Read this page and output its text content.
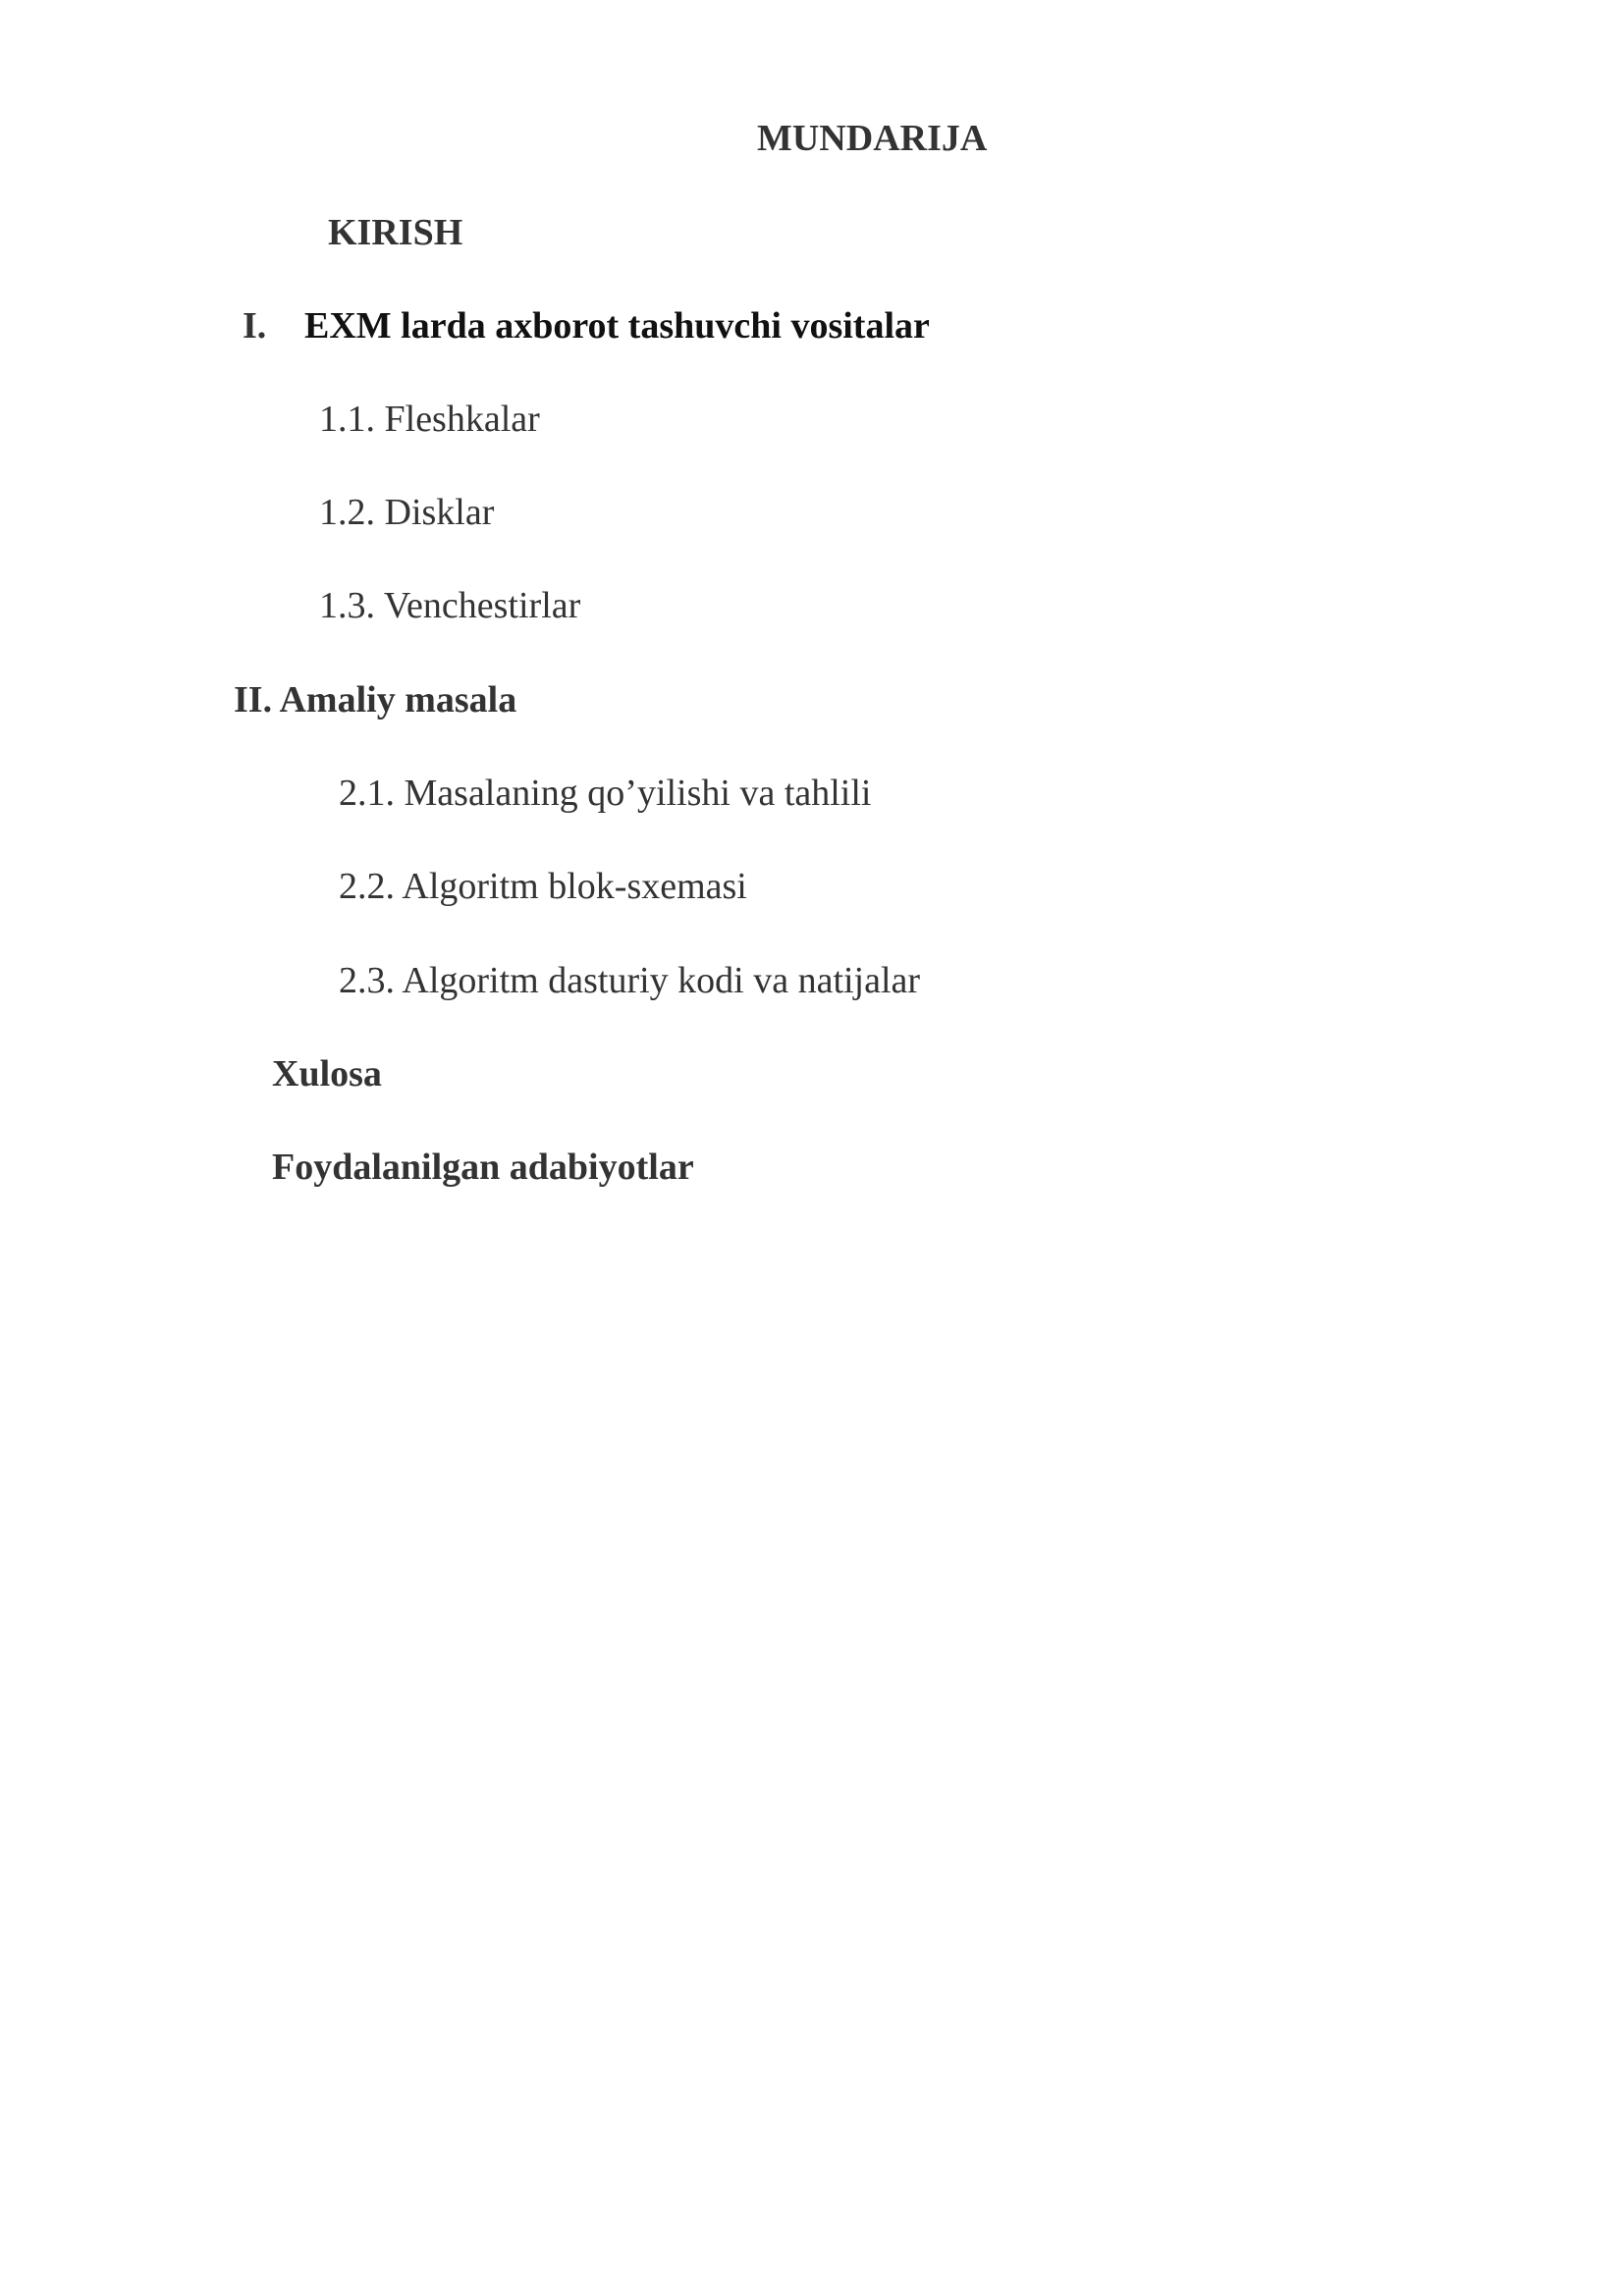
MUNDARIJA
KIRISH
I. EXM larda axborot tashuvchi vositalar
1.1. Fleshkalar
1.2. Disklar
1.3. Venchestirlar
II. Amaliy masala
2.1. Masalaning qo’yilishi va tahlili
2.2. Algoritm blok-sxemasi
2.3. Algoritm dasturiy kodi va natijalar
Xulosa
Foydalanilgan adabiyotlar
